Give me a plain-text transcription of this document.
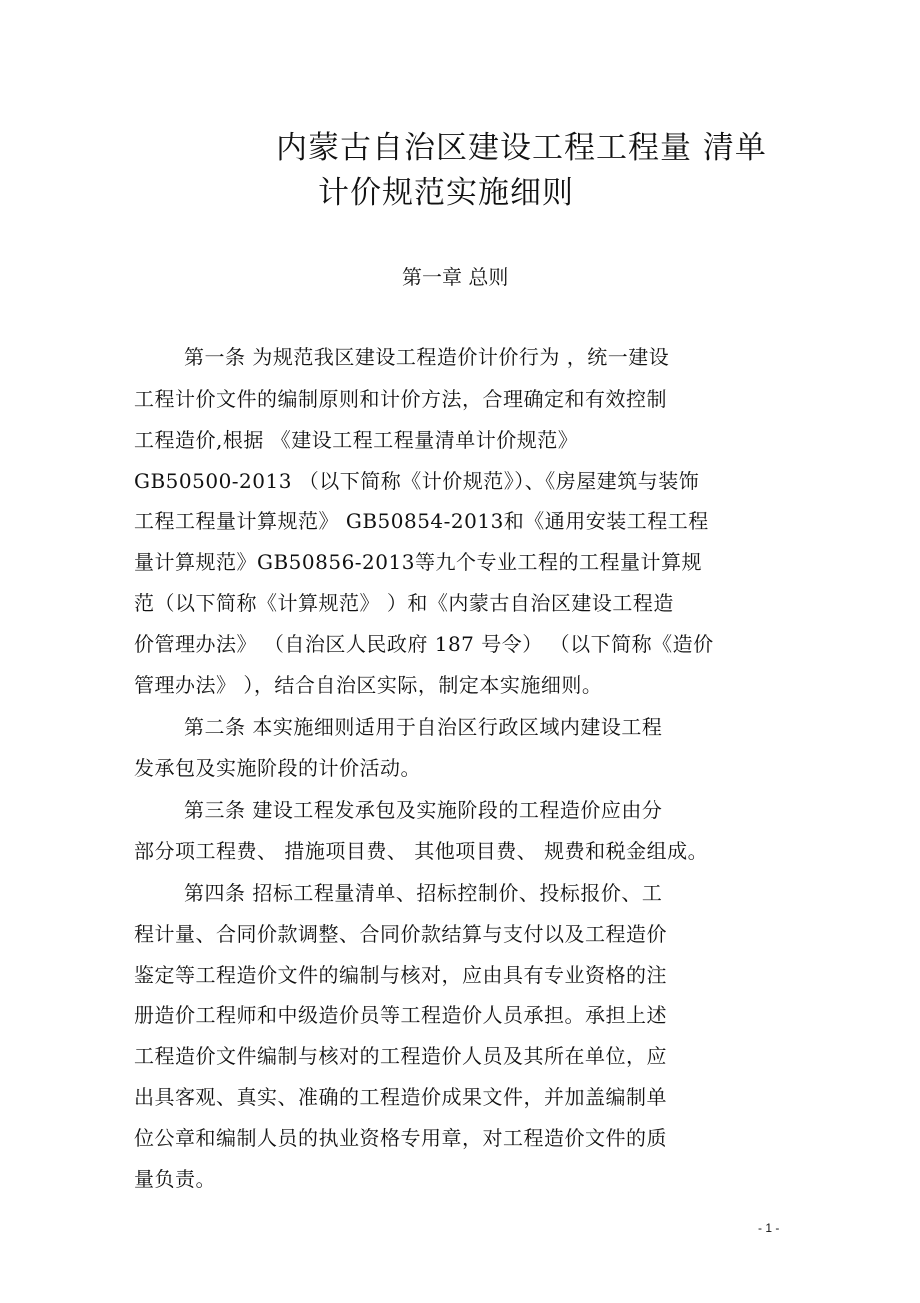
内蒙古自治区建设工程工程量 清单
计价规范实施细则
第一章 总则
第一条 为规范我区建设工程造价计价行为 ，统一建设
工程计价文件的编制原则和计价方法，合理确定和有效控制
工程造价,根据 《建设工程工程量清单计价规范》
GB50500-2013 （以下简称《计价规范》）、《房屋建筑与装饰
工程工程量计算规范》 GB50854-2013和《通用安装工程工程
量计算规范》GB50856-2013等九个专业工程的工程量计算规
范（以下简称《计算规范》 ）和《内蒙古自治区建设工程造
价管理办法》 （自治区人民政府 187 号令） （以下简称《造价
管理办法》 ），结合自治区实际，制定本实施细则。
第二条 本实施细则适用于自治区行政区域内建设工程
发承包及实施阶段的计价活动。
第三条 建设工程发承包及实施阶段的工程造价应由分
部分项工程费、 措施项目费、 其他项目费、 规费和税金组成。
第四条 招标工程量清单、招标控制价、投标报价、工
程计量、合同价款调整、合同价款结算与支付以及工程造价
鉴定等工程造价文件的编制与核对，应由具有专业资格的注
册造价工程师和中级造价员等工程造价人员承担。承担上述
工程造价文件编制与核对的工程造价人员及其所在单位，应
出具客观、真实、准确的工程造价成果文件，并加盖编制单
位公章和编制人员的执业资格专用章，对工程造价文件的质
量负责。
- 1 -
